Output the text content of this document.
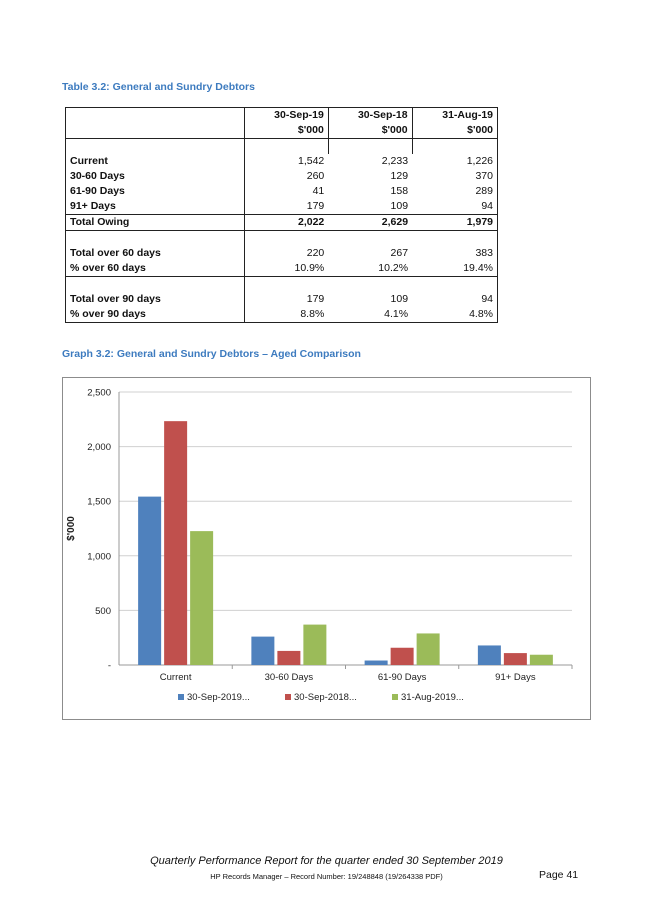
Table 3.2: General and Sundry Debtors
	30-Sep-19	30-Sep-18	31-Aug-19
	$'000	$'000	$'000

Current	1,542	2,233	1,226
30-60 Days	260	129	370
61-90 Days	41	158	289
91+ Days	179	109	94
Total Owing	2,022	2,629	1,979

Total over 60 days	220	267	383
% over 60 days	10.9%	10.2%	19.4%

Total over 90 days	179	109	94
% over 90 days	8.8%	4.1%	4.8%
Graph 3.2: General and Sundry Debtors – Aged Comparison
-
500
1,000
1,500
2,000
2,500
$'000
Current	30-60 Days	61-90 Days	91+ Days
30-Sep-2019...	30-Sep-2018...	31-Aug-2019...
Quarterly Performance Report for the quarter ended 30 September 2019
HP Records Manager – Record Number: 19/248848 (19/264338 PDF)	Page 41
